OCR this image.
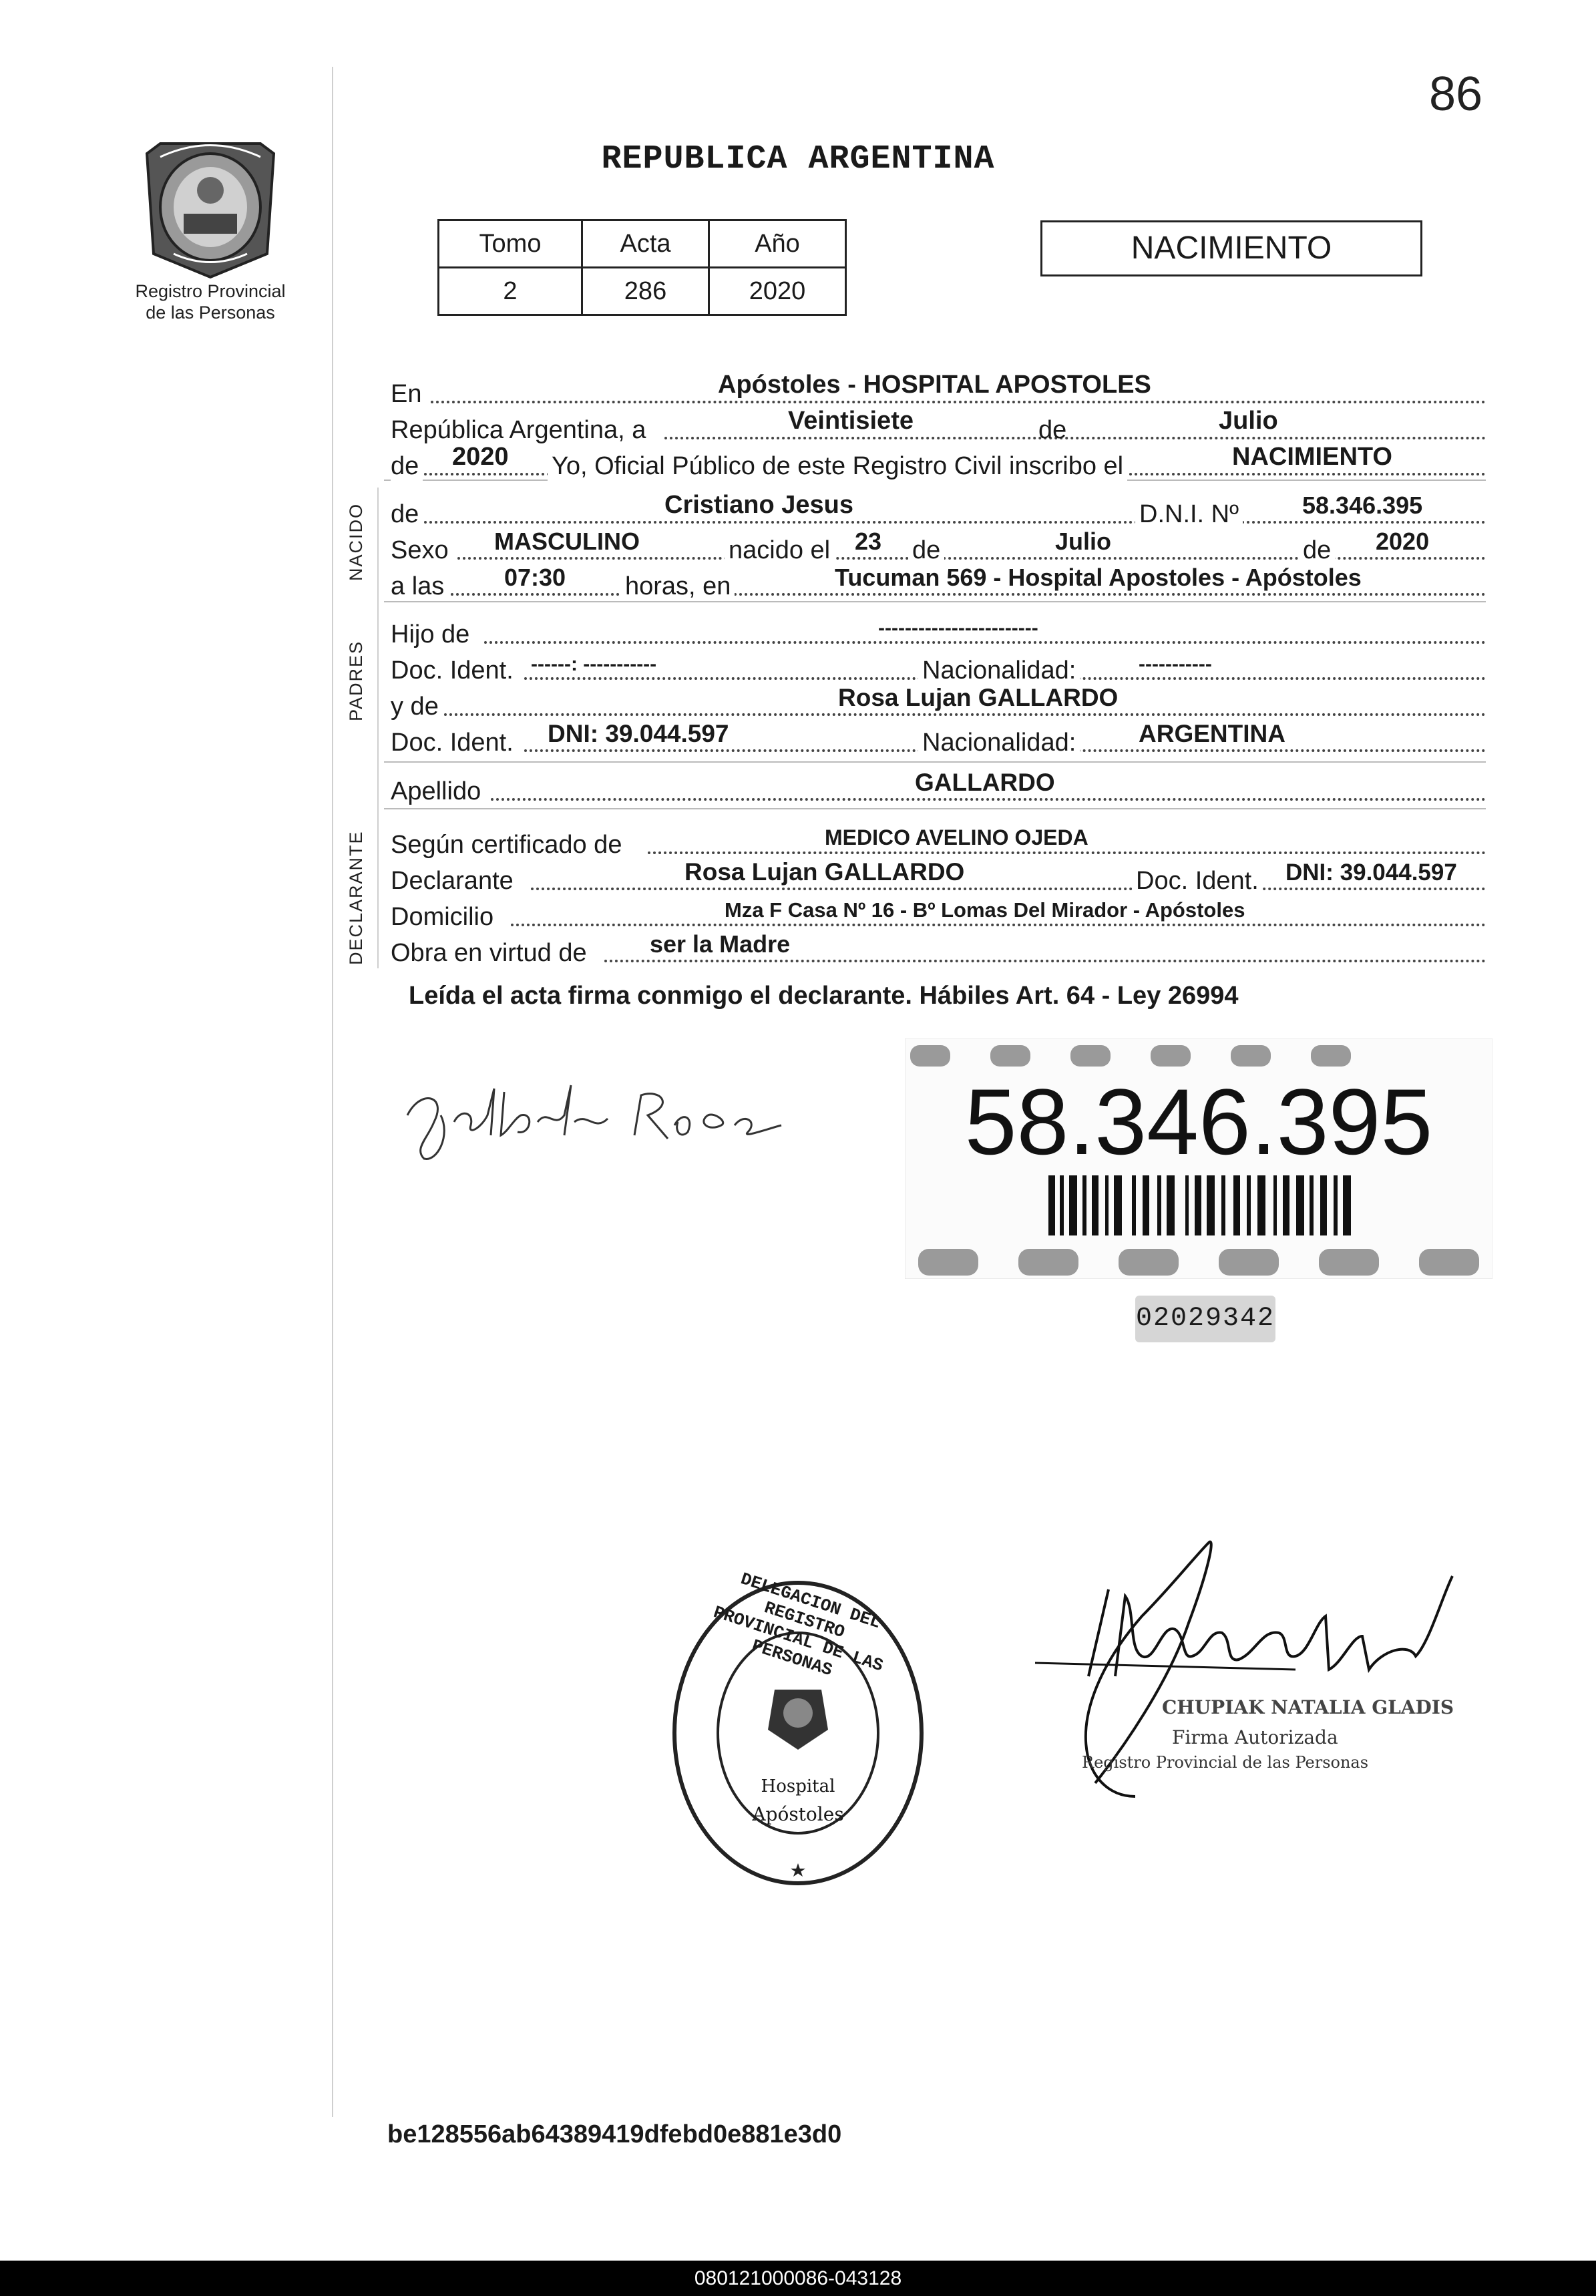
86
Registro Provincial
de las Personas
REPUBLICA ARGENTINA
Tomo	Acta	Año
2	286	2020
NACIMIENTO
NACIDO
PADRES
DECLARANTE
En	Apóstoles - HOSPITAL APOSTOLES
República Argentina, a	Veintisiete	de	Julio
de 2020 Yo, Oficial Público de este Registro Civil inscribo el	NACIMIENTO
de	Cristiano Jesus	D.N.I. Nº	58.346.395
Sexo MASCULINO	nacido el 23 de	Julio	de 2020
a las 07:30 horas, en	Tucuman 569 - Hospital Apostoles - Apóstoles
Hijo de	------------------------
Doc. Ident. ------: -----------	Nacionalidad:	-----------
y de	Rosa Lujan GALLARDO
Doc. Ident. DNI: 39.044.597	Nacionalidad:	ARGENTINA
Apellido	GALLARDO
Según certificado de	MEDICO AVELINO OJEDA
Declarante	Rosa Lujan GALLARDO	Doc. Ident. DNI: 39.044.597
Domicilio	Mza F Casa Nº 16 - Bº Lomas Del Mirador - Apóstoles
Obra en virtud de	ser la Madre
Leída el acta firma conmigo el declarante. Hábiles Art. 64 - Ley 26994
58.346.395
02029342
DELEGACION DEL REGISTRO PROVINCIAL DE LAS PERSONAS
Hospital
Apóstoles
CHUPIAK NATALIA GLADIS
Firma Autorizada
Registro Provincial de las Personas
be128556ab64389419dfebd0e881e3d0
080121000086-043128
